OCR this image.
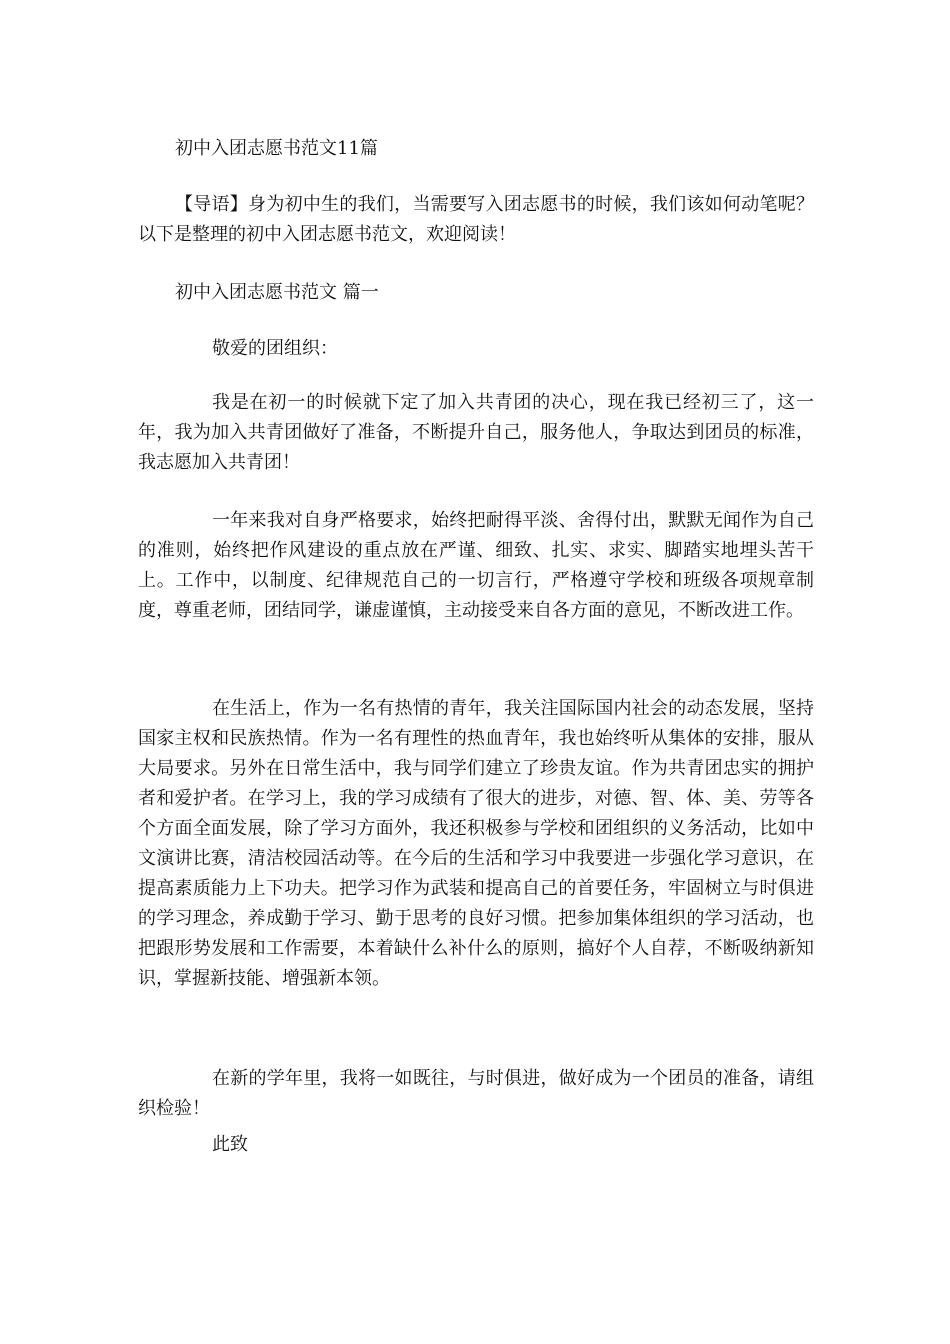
初中入团志愿书范文11篇

【导语】身为初中生的我们，当需要写入团志愿书的时候，我们该如何动笔呢？以下是整理的初中入团志愿书范文，欢迎阅读！

初中入团志愿书范文 篇一

敬爱的团组织：

我是在初一的时候就下定了加入共青团的决心，现在我已经初三了，这一年，我为加入共青团做好了准备，不断提升自己，服务他人，争取达到团员的标准，我志愿加入共青团！

一年来我对自身严格要求，始终把耐得平淡、舍得付出，默默无闻作为自己的准则，始终把作风建设的重点放在严谨、细致、扎实、求实、脚踏实地埋头苦干上。工作中，以制度、纪律规范自己的一切言行，严格遵守学校和班级各项规章制度，尊重老师，团结同学，谦虚谨慎，主动接受来自各方面的意见，不断改进工作。

在生活上，作为一名有热情的青年，我关注国际国内社会的动态发展，坚持国家主权和民族热情。作为一名有理性的热血青年，我也始终听从集体的安排，服从大局要求。另外在日常生活中，我与同学们建立了珍贵友谊。作为共青团忠实的拥护者和爱护者。在学习上，我的学习成绩有了很大的进步，对德、智、体、美、劳等各个方面全面发展，除了学习方面外，我还积极参与学校和团组织的义务活动，比如中文演讲比赛，清洁校园活动等。在今后的生活和学习中我要进一步强化学习意识，在提高素质能力上下功夫。把学习作为武装和提高自己的首要任务，牢固树立与时俱进的学习理念，养成勤于学习、勤于思考的良好习惯。把参加集体组织的学习活动，也把跟形势发展和工作需要，本着缺什么补什么的原则，搞好个人自荐，不断吸纳新知识，掌握新技能、增强新本领。

在新的学年里，我将一如既往，与时俱进，做好成为一个团员的准备，请组织检验！

此致
